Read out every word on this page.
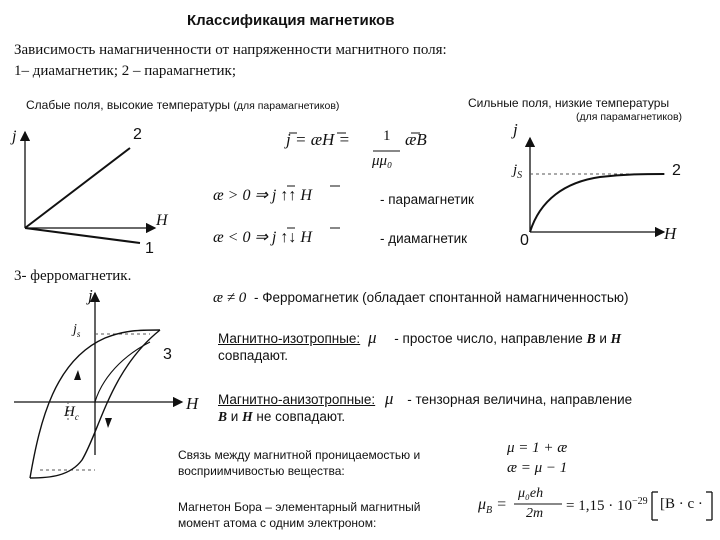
Классификация магнетиков
Зависимость намагниченности от напряженности магнитного поля:
1– диамагнетик; 2 – парамагнетик;
Слабые поля, высокие температуры (для парамагнетиков)	Сильные поля, низкие температуры
(для парамагнетиков)
j
H
2
1
j = æH = 1
μμ₀
æB
æ > 0 ⇒ j ↑↑ H	- парамагнетик
æ < 0 ⇒ j ↑↓ H	- диамагнетик
j
$j_S$	2
0	H
3- ферромагнетик.
j
H
$j_s$
$H_c$
3
æ ≠ 0 - Ферромагнетик (обладает спонтанной намагниченностью)
Магнитно-изотропные: μ - простое число, направление B и H
совпадают.
Магнитно-анизотропные: μ - тензорная величина, направление
B и H не совпадают.
Связь между магнитной проницаемостью и
восприимчивостью вещества:
μ = 1 + æ
æ = μ − 1
Магнетон Бора – элементарный магнитный
момент атома с одним электроном:
$\mu_B$ =
μ₀eh
$2m = 1,15 \cdot 10^{-29}$ [В · с ·
